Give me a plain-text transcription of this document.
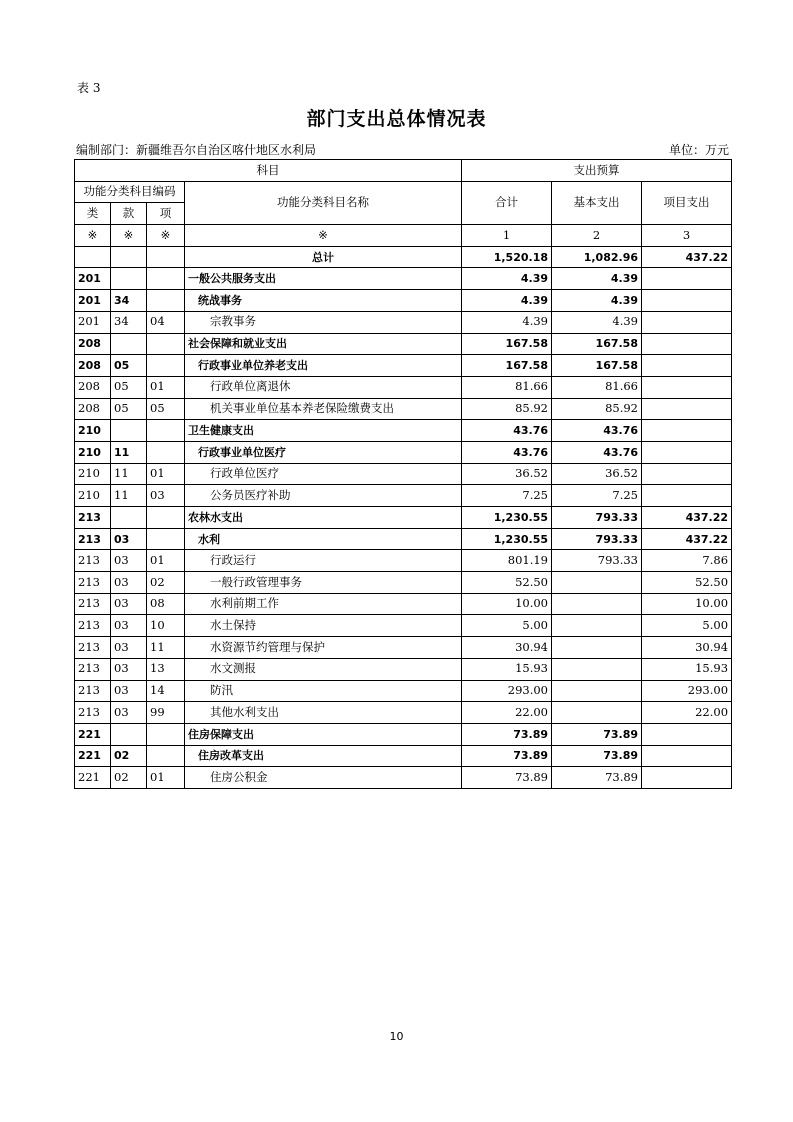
表 3
部门支出总体情况表
编制部门：新疆维吾尔自治区喀什地区水利局	单位：万元
科目				支出预算		
功能分类科目编码			功能分类科目名称	合计	基本支出	项目支出
类	款	项				
※	※	※	※	1	2	3
			总计	1,520.18	1,082.96	437.22
201			一般公共服务支出	4.39	4.39	
201	34		统战事务	4.39	4.39	
201	34	04	宗教事务	4.39	4.39	
208			社会保障和就业支出	167.58	167.58	
208	05		行政事业单位养老支出	167.58	167.58	
208	05	01	行政单位离退休	81.66	81.66	
208	05	05	机关事业单位基本养老保险缴费支出	85.92	85.92	
210			卫生健康支出	43.76	43.76	
210	11		行政事业单位医疗	43.76	43.76	
210	11	01	行政单位医疗	36.52	36.52	
210	11	03	公务员医疗补助	7.25	7.25	
213			农林水支出	1,230.55	793.33	437.22
213	03		水利	1,230.55	793.33	437.22
213	03	01	行政运行	801.19	793.33	7.86
213	03	02	一般行政管理事务	52.50		52.50
213	03	08	水利前期工作	10.00		10.00
213	03	10	水土保持	5.00		5.00
213	03	11	水资源节约管理与保护	30.94		30.94
213	03	13	水文测报	15.93		15.93
213	03	14	防汛	293.00		293.00
213	03	99	其他水利支出	22.00		22.00
221			住房保障支出	73.89	73.89	
221	02		住房改革支出	73.89	73.89	
221	02	01	住房公积金	73.89	73.89	
10
